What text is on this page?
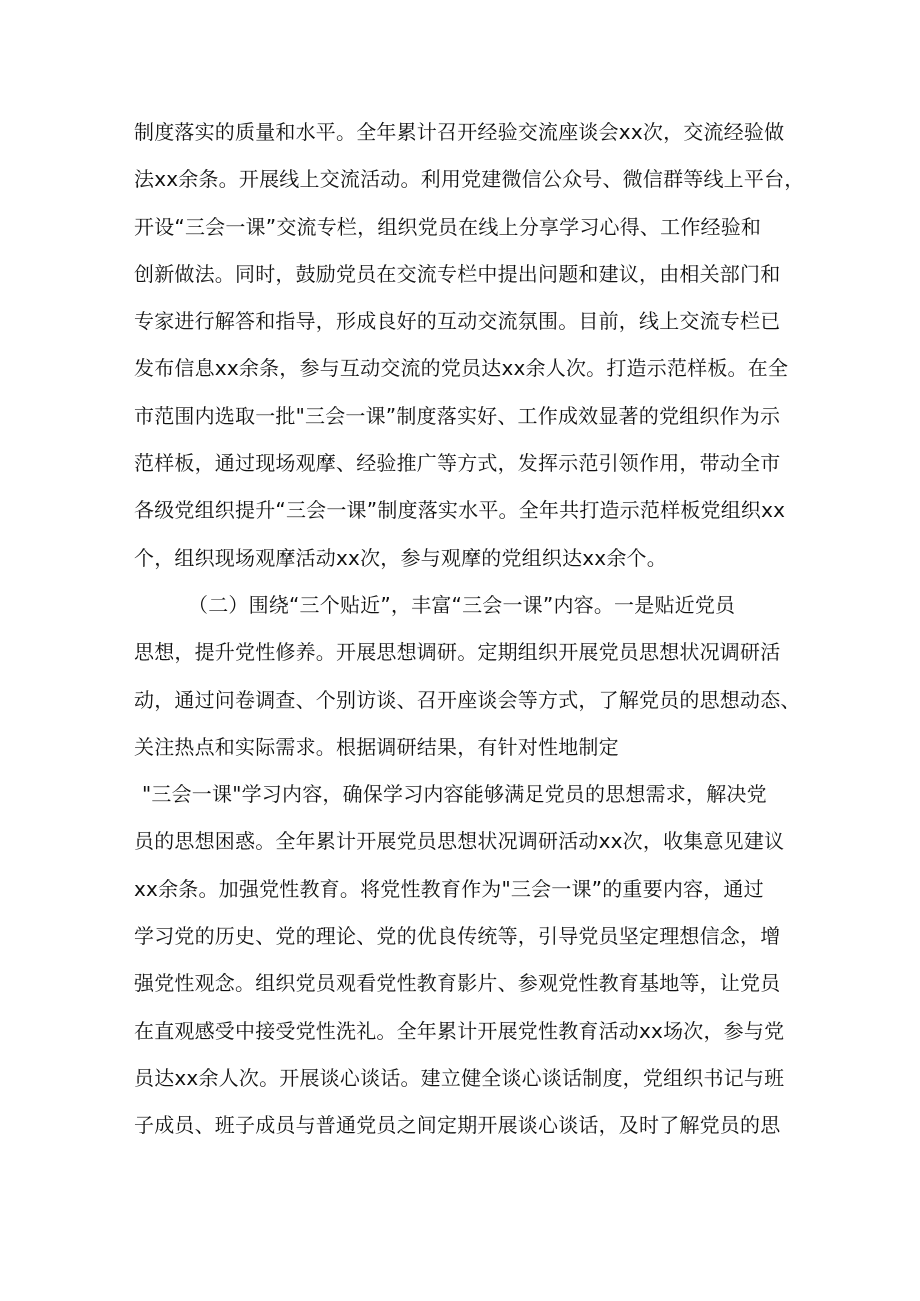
制度落实的质量和水平。全年累计召开经验交流座谈会xx次，交流经验做
法xx余条。开展线上交流活动。利用党建微信公众号、微信群等线上平台，
开设“三会一课”交流专栏，组织党员在线上分享学习心得、工作经验和
创新做法。同时，鼓励党员在交流专栏中提出问题和建议，由相关部门和
专家进行解答和指导，形成良好的互动交流氛围。目前，线上交流专栏已
发布信息xx余条，参与互动交流的党员达xx余人次。打造示范样板。在全
市范围内选取一批"三会一课”制度落实好、工作成效显著的党组织作为示
范样板，通过现场观摩、经验推广等方式，发挥示范引领作用，带动全市
各级党组织提升“三会一课”制度落实水平。全年共打造示范样板党组织xx
个，组织现场观摩活动xx次，参与观摩的党组织达xx余个。
（二）围绕“三个贴近”，丰富“三会一课”内容。一是贴近党员
思想，提升党性修养。开展思想调研。定期组织开展党员思想状况调研活
动，通过问卷调查、个别访谈、召开座谈会等方式，了解党员的思想动态、
关注热点和实际需求。根据调研结果，有针对性地制定
"三会一课"学习内容，确保学习内容能够满足党员的思想需求，解决党
员的思想困惑。全年累计开展党员思想状况调研活动xx次，收集意见建议
xx余条。加强党性教育。将党性教育作为"三会一课”的重要内容，通过
学习党的历史、党的理论、党的优良传统等，引导党员坚定理想信念，增
强党性观念。组织党员观看党性教育影片、参观党性教育基地等，让党员
在直观感受中接受党性洗礼。全年累计开展党性教育活动xx场次，参与党
员达xx余人次。开展谈心谈话。建立健全谈心谈话制度，党组织书记与班
子成员、班子成员与普通党员之间定期开展谈心谈话，及时了解党员的思
